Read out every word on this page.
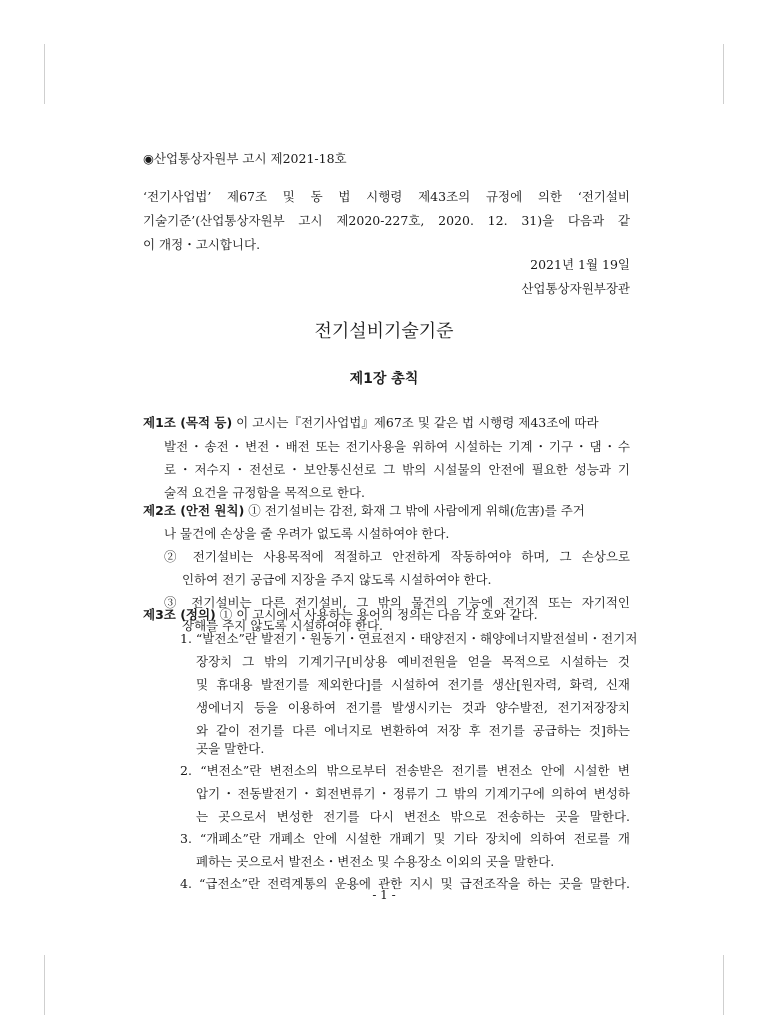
◉산업통상자원부 고시 제2021-18호
‘전기사업법’ 제67조 및 동 법 시행령 제43조의 규정에 의한 ‘전기설비
기술기준’(산업통상자원부 고시 제2020-227호, 2020. 12. 31)을 다음과 같
이 개정・고시합니다.
2021년 1월 19일
산업통상자원부장관
전기설비기술기준
제1장 총칙
제1조 (목적 등) 이 고시는『전기사업법』제67조 및 같은 법 시행령 제43조에 따라
발전・송전・변전・배전 또는 전기사용을 위하여 시설하는 기계・기구・댐・수
로・저수지・전선로・보안통신선로 그 밖의 시설물의 안전에 필요한 성능과 기
술적 요건을 규정함을 목적으로 한다.
제2조 (안전 원칙) ① 전기설비는 감전, 화재 그 밖에 사람에게 위해(危害)를 주거
나 물건에 손상을 줄 우려가 없도록 시설하여야 한다.
② 전기설비는 사용목적에 적절하고 안전하게 작동하여야 하며, 그 손상으로
인하여 전기 공급에 지장을 주지 않도록 시설하여야 한다.
③ 전기설비는 다른 전기설비, 그 밖의 물건의 기능에 전기적 또는 자기적인
장해를 주지 않도록 시설하여야 한다.
제3조 (정의) ① 이 고시에서 사용하는 용어의 정의는 다음 각 호와 같다.
1. “발전소”란 발전기・원동기・연료전지・태양전지・해양에너지발전설비・전기저
장장치 그 밖의 기계기구[비상용 예비전원을 얻을 목적으로 시설하는 것
및 휴대용 발전기를 제외한다]를 시설하여 전기를 생산[원자력, 화력, 신재
생에너지 등을 이용하여 전기를 발생시키는 것과 양수발전, 전기저장장치
와 같이 전기를 다른 에너지로 변환하여 저장 후 전기를 공급하는 것]하는
곳을 말한다.
2. “변전소”란 변전소의 밖으로부터 전송받은 전기를 변전소 안에 시설한 변
압기・전동발전기・회전변류기・정류기 그 밖의 기계기구에 의하여 변성하
는 곳으로서 변성한 전기를 다시 변전소 밖으로 전송하는 곳을 말한다.
3. “개폐소”란 개폐소 안에 시설한 개폐기 및 기타 장치에 의하여 전로를 개
폐하는 곳으로서 발전소・변전소 및 수용장소 이외의 곳을 말한다.
4. “급전소”란 전력계통의 운용에 관한 지시 및 급전조작을 하는 곳을 말한다.
- 1 -
